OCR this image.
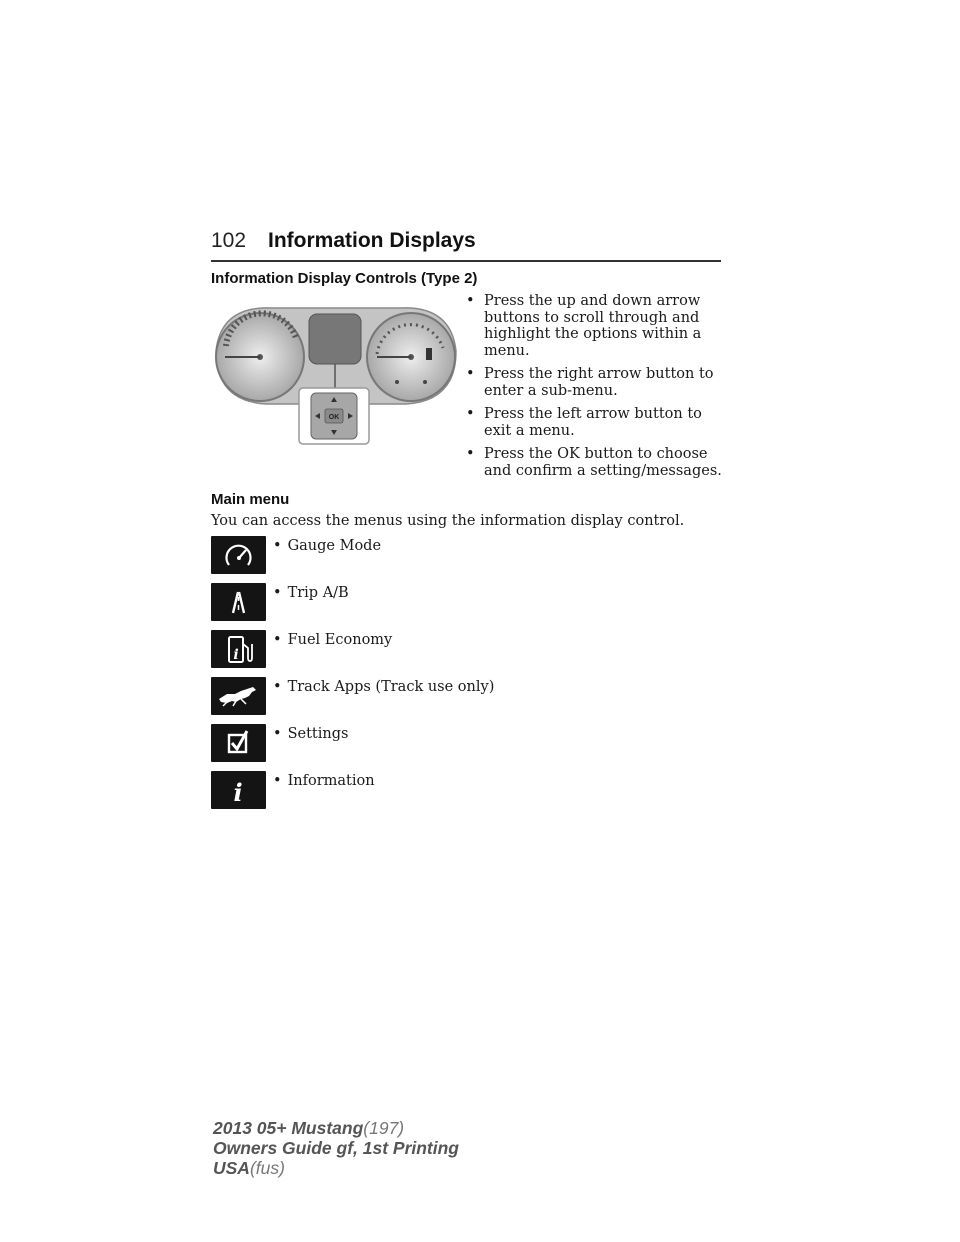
102 Information Displays
Information Display Controls (Type 2)
OK
• Press the up and down arrow buttons to scroll through and highlight the options within a menu.
• Press the right arrow button to enter a sub-menu.
• Press the left arrow button to exit a menu.
• Press the OK button to choose and confirm a setting/messages.
Main menu
You can access the menus using the information display control.
• Gauge Mode
• Trip A/B
i
• Fuel Economy
• Track Apps (Track use only)
• Settings
i
•	Information
2013 05+ Mustang(197)
Owners Guide gf, 1st Printing
USA(fus)
